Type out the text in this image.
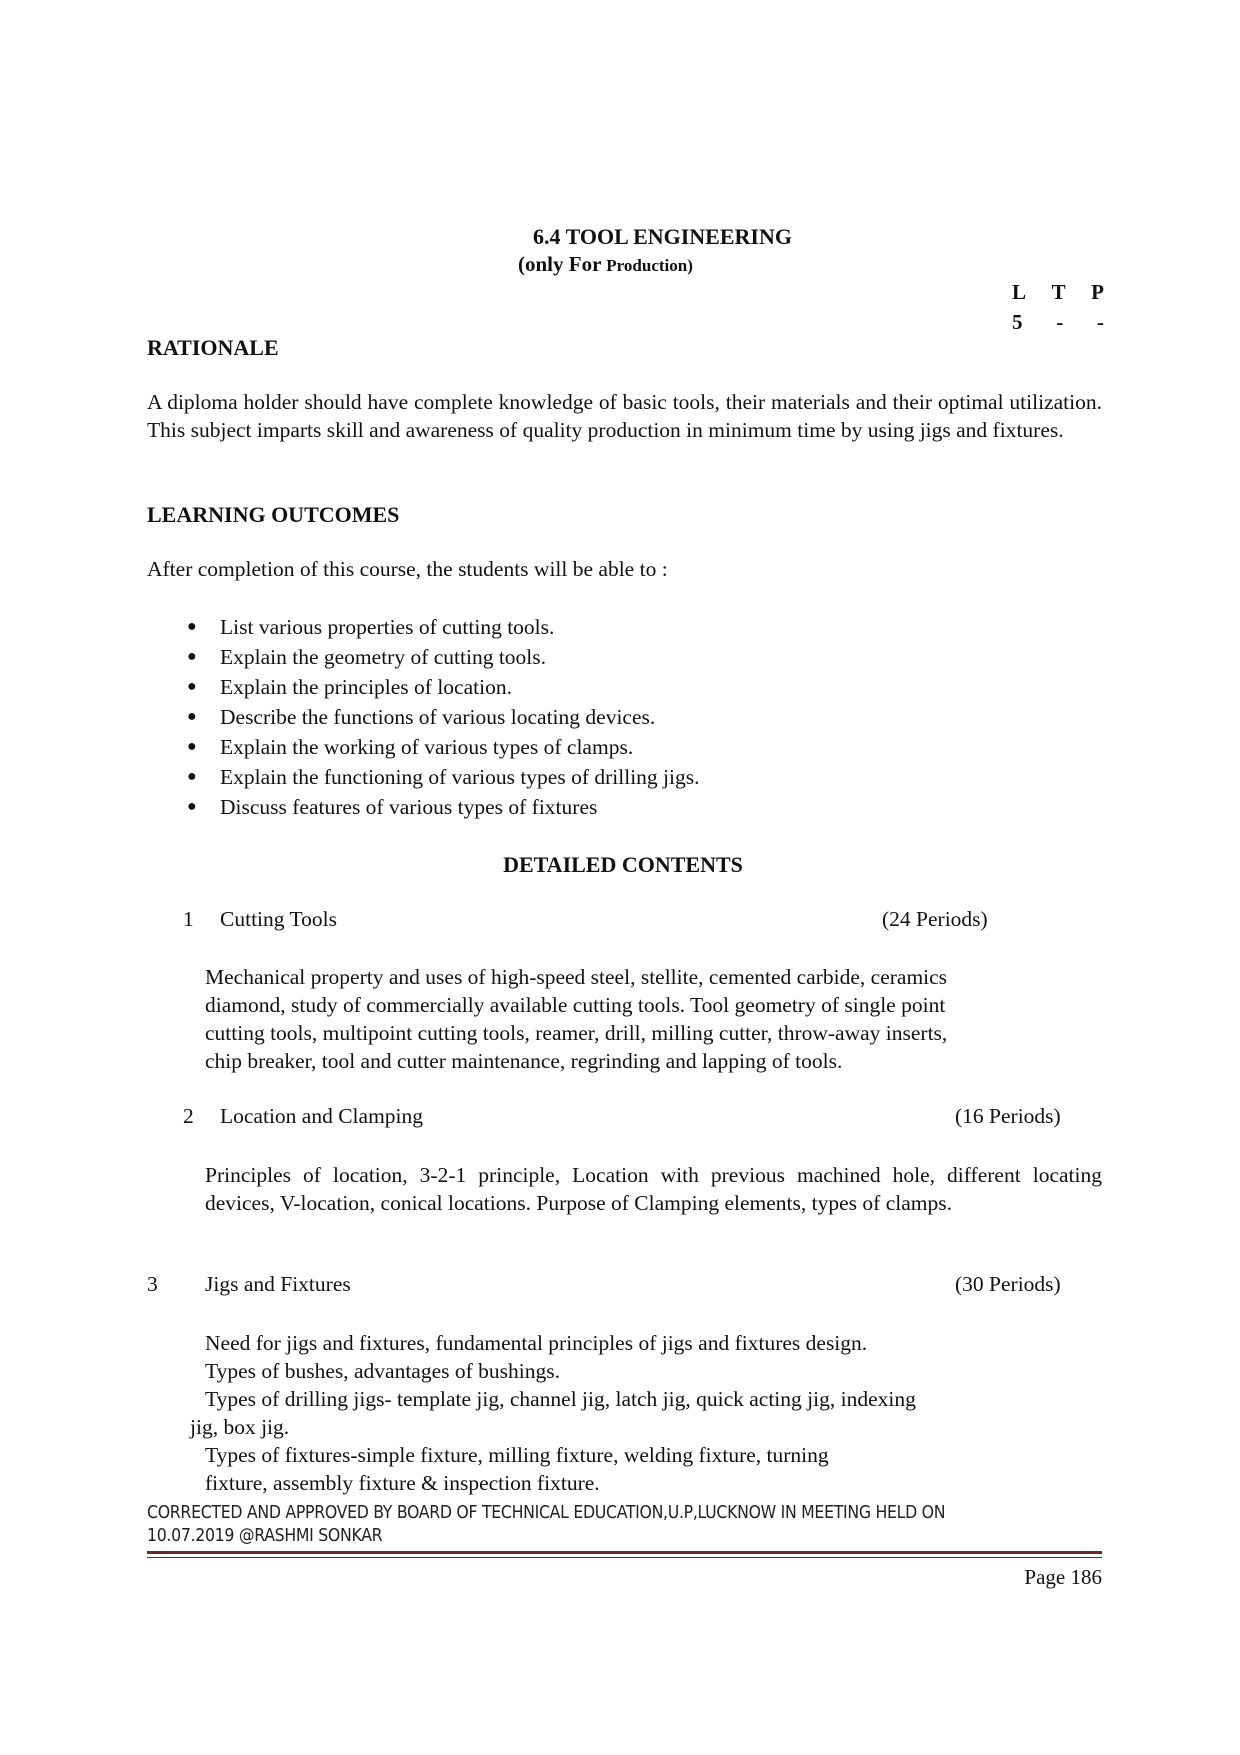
6.4 TOOL ENGINEERING
(only For Production)
L T P
5 - -
RATIONALE
A diploma holder should have complete knowledge of basic tools, their materials and their optimal utilization. This subject imparts skill and awareness of quality production in minimum time by using jigs and fixtures.
LEARNING OUTCOMES
After completion of this course, the students will be able to :
● List various properties of cutting tools.
● Explain the geometry of cutting tools.
● Explain the principles of location.
● Describe the functions of various locating devices.
● Explain the working of various types of clamps.
● Explain the functioning of various types of drilling jigs.
● Discuss features of various types of fixtures
DETAILED CONTENTS
1 Cutting Tools	(24 Periods)
Mechanical property and uses of high-speed steel, stellite, cemented carbide, ceramics
diamond, study of commercially available cutting tools. Tool geometry of single point
cutting tools, multipoint cutting tools, reamer, drill, milling cutter, throw-away inserts,
chip breaker, tool and cutter maintenance, regrinding and lapping of tools.
2 Location and Clamping	(16 Periods)
Principles of location, 3-2-1 principle, Location with previous machined hole, different locating devices, V-location, conical locations. Purpose of Clamping elements, types of clamps.
3 Jigs and Fixtures	(30 Periods)
Need for jigs and fixtures, fundamental principles of jigs and fixtures design.
Types of bushes, advantages of bushings.
Types of drilling jigs- template jig, channel jig, latch jig, quick acting jig, indexing
jig, box jig.
Types of fixtures-simple fixture, milling fixture, welding fixture, turning
fixture, assembly fixture & inspection fixture.
CORRECTED AND APPROVED BY BOARD OF TECHNICAL EDUCATION,U.P,LUCKNOW IN MEETING HELD ON
10.07.2019 @RASHMI SONKAR
Page 186
